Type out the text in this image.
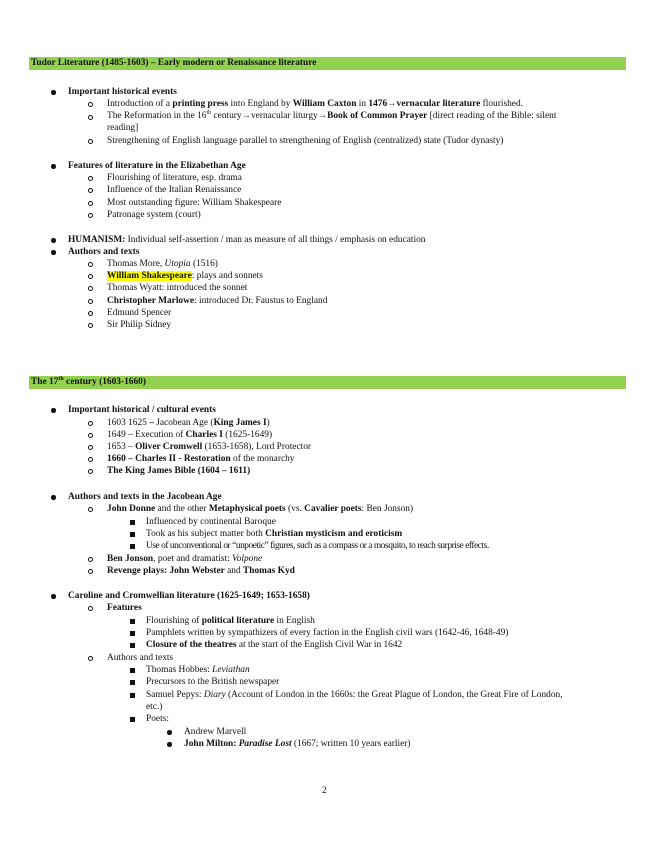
Tudor Literature (1485-1603) – Early modern or Renaissance literature
Important historical events
Introduction of a printing press into England by William Caxton in 1476→vernacular literature flourished.
The Reformation in the 16th century→vernacular liturgy→Book of Common Prayer [direct reading of the Bible: silent
reading]
Strengthening of English language parallel to strengthening of English (centralized) state (Tudor dynasty)
Features of literature in the Elizabethan Age
Flourishing of literature, esp. drama
Influence of the Italian Renaissance
Most outstanding figure: William Shakespeare
Patronage system (court)
HUMANISM: Individual self-assertion / man as measure of all things / emphasis on education
Authors and texts
Thomas More, Utopia (1516)
William Shakespeare: plays and sonnets
Thomas Wyatt: introduced the sonnet
Christopher Marlowe: introduced Dr. Faustus to England
Edmund Spencer
Sir Philip Sidney
The 17th century (1603-1660)
Important historical / cultural events
1603 1625 – Jacobean Age (King James I)
1649 – Execution of Charles I (1625-1649)
1653 – Oliver Cromwell (1653-1658), Lord Protector
1660 – Charles II - Restoration of the monarchy
The King James Bible (1604 – 1611)
Authors and texts in the Jacobean Age
John Donne and the other Metaphysical poets (vs. Cavalier poets: Ben Jonson)
Influenced by continental Baroque
Took as his subject matter both Christian mysticism and eroticism
Use of unconventional or “unpoetic” figures, such as a compass or a mosquito, to reach surprise effects.
Ben Jonson, poet and dramatist: Volpone
Revenge plays: John Webster and Thomas Kyd
Caroline and Cromwellian literature (1625-1649; 1653-1658)
Features
Flourishing of political literature in English
Pamphlets written by sympathizers of every faction in the English civil wars (1642-46, 1648-49)
Closure of the theatres at the start of the English Civil War in 1642
Authors and texts
Thomas Hobbes: Leviathan
Precursors to the British newspaper
Samuel Pepys: Diary (Account of London in the 1660s: the Great Plague of London, the Great Fire of London,
etc.)
Poets:
Andrew Marvell
John Milton: Paradise Lost (1667; written 10 years earlier)
2
